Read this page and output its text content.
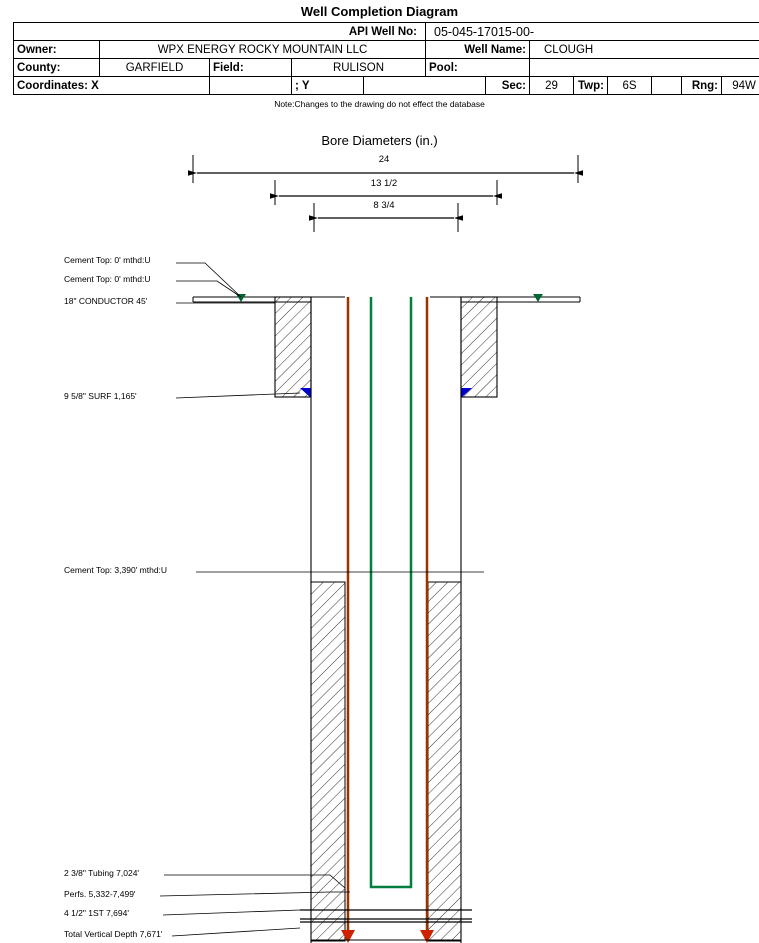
Well Completion Diagram
API Well No:					05-045-17015-00-							
Owner:	WPX ENERGY ROCKY MOUNTAIN LLC				Well Name:		CLOUGH					
County:	GARFIELD	Field:	RULISON		Pool:							
Coordinates: X			; Y			Sec:	29	Twp:	6S		Rng:	94W
Note:Changes to the drawing do not effect the database
Bore Diameters (in.)
24
13 1/2
8 3/4
Cement Top: 0' mthd:U
Cement Top: 0' mthd:U
18" CONDUCTOR 45'
9 5/8" SURF 1,165'
Cement Top: 3,390' mthd:U
2 3/8" Tubing 7,024'
Perfs. 5,332-7,499'
4 1/2" 1ST 7,694'
Total Vertical Depth 7,671'
